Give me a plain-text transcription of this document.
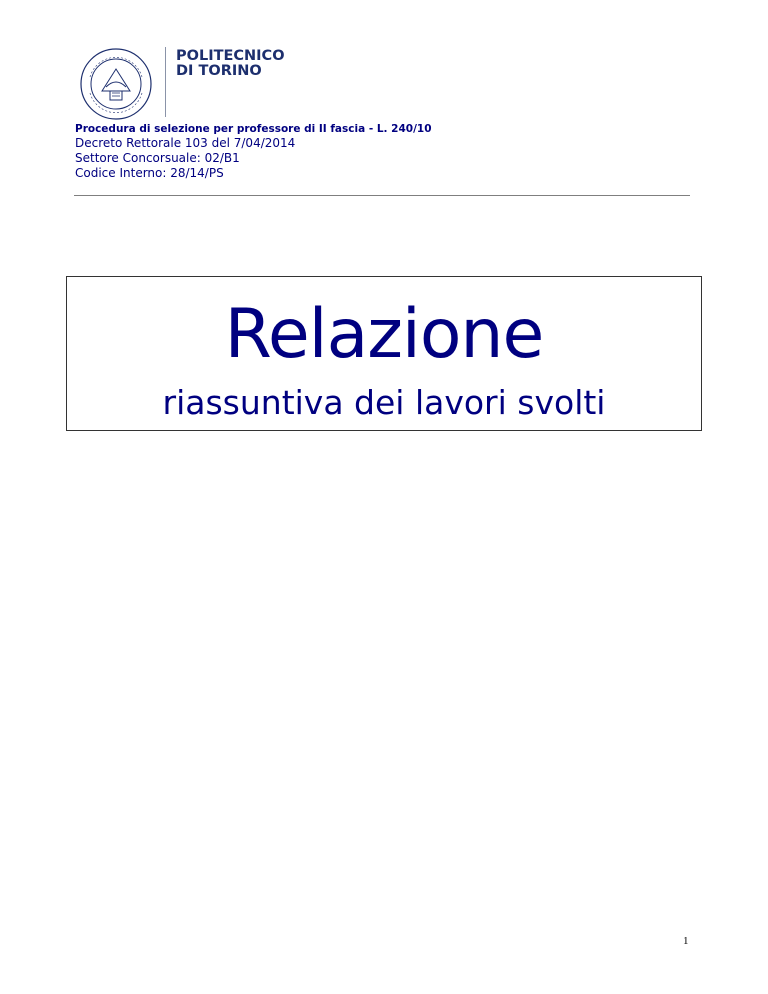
POLITECNICO
DI TORINO
Procedura di selezione per professore di II fascia - L. 240/10
Decreto Rettorale 103 del 7/04/2014
Settore Concorsuale: 02/B1
Codice Interno: 28/14/PS
Relazione
riassuntiva dei lavori svolti
1
